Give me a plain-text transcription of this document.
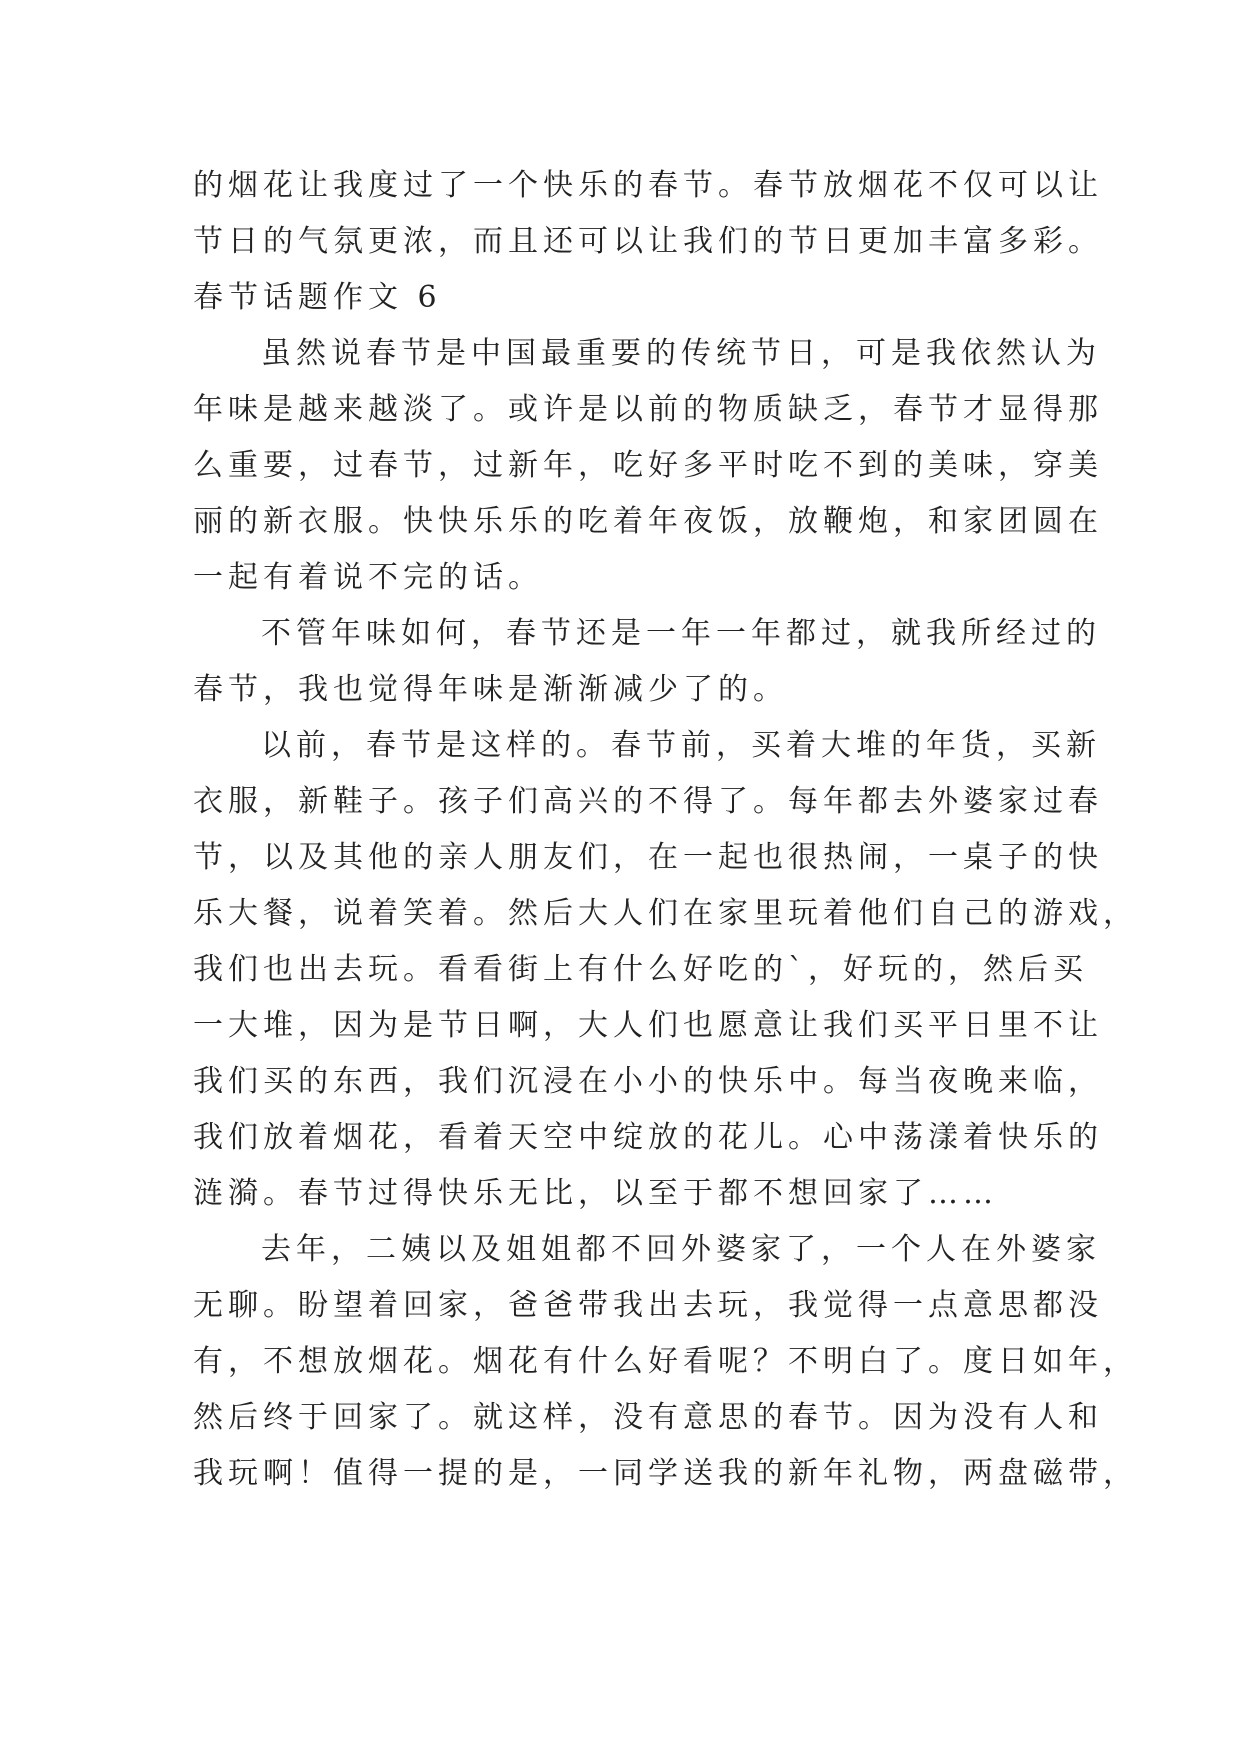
的烟花让我度过了一个快乐的春节。春节放烟花不仅可以让
节日的气氛更浓，而且还可以让我们的节日更加丰富多彩。
春节话题作文 6
虽然说春节是中国最重要的传统节日，可是我依然认为
年味是越来越淡了。或许是以前的物质缺乏，春节才显得那
么重要，过春节，过新年，吃好多平时吃不到的美味，穿美
丽的新衣服。快快乐乐的吃着年夜饭，放鞭炮，和家团圆在
一起有着说不完的话。
不管年味如何，春节还是一年一年都过，就我所经过的
春节，我也觉得年味是渐渐减少了的。
以前，春节是这样的。春节前，买着大堆的年货，买新
衣服，新鞋子。孩子们高兴的不得了。每年都去外婆家过春
节，以及其他的亲人朋友们，在一起也很热闹，一桌子的快
乐大餐，说着笑着。然后大人们在家里玩着他们自己的游戏，
我们也出去玩。看看街上有什么好吃的`，好玩的，然后买
一大堆，因为是节日啊，大人们也愿意让我们买平日里不让
我们买的东西，我们沉浸在小小的快乐中。每当夜晚来临，
我们放着烟花，看着天空中绽放的花儿。心中荡漾着快乐的
涟漪。春节过得快乐无比，以至于都不想回家了……
去年，二姨以及姐姐都不回外婆家了，一个人在外婆家
无聊。盼望着回家，爸爸带我出去玩，我觉得一点意思都没
有，不想放烟花。烟花有什么好看呢？不明白了。度日如年，
然后终于回家了。就这样，没有意思的春节。因为没有人和
我玩啊！值得一提的是，一同学送我的新年礼物，两盘磁带，
